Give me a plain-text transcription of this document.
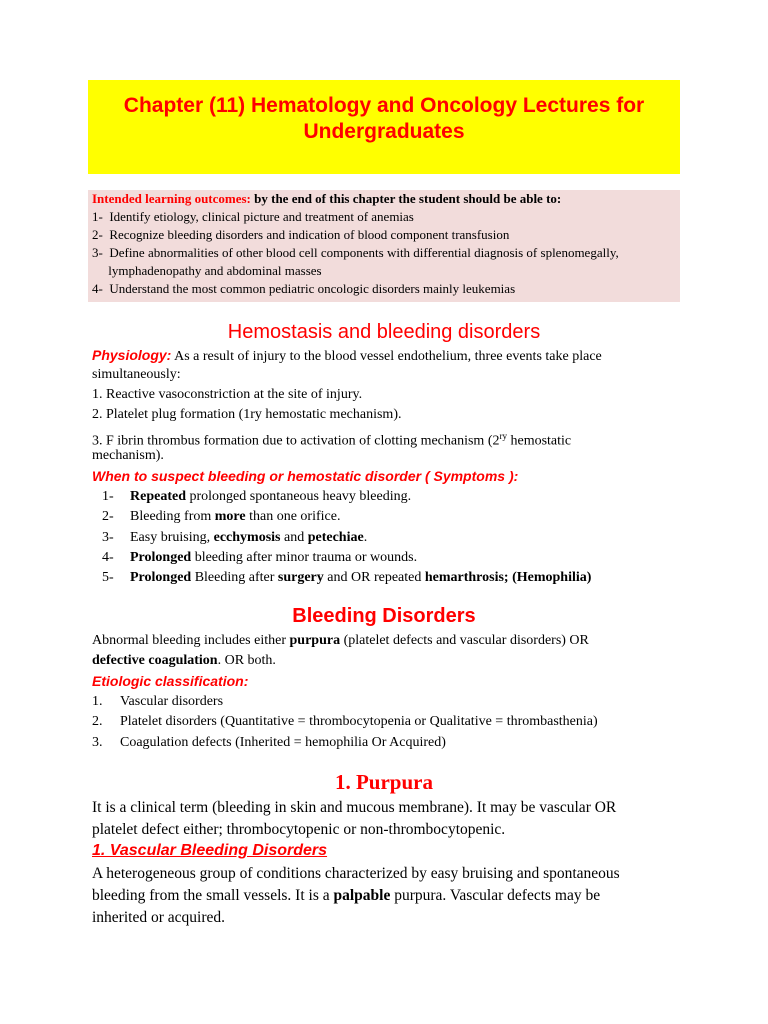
Chapter (11) Hematology and Oncology Lectures for
Undergraduates
Intended learning outcomes: by the end of this chapter the student should be able to:
1-  Identify etiology, clinical picture and treatment of anemias
2-  Recognize bleeding disorders and indication of blood component transfusion
3-  Define abnormalities of other blood cell components with differential diagnosis of splenomegally,
lymphadenopathy and abdominal masses
4-  Understand the most common pediatric oncologic disorders mainly leukemias
Hemostasis and bleeding disorders
Physiology: As a result of injury to the blood vessel endothelium, three events take place
simultaneously:
1. Reactive vasoconstriction at the site of injury.
2. Platelet plug formation (1ry hemostatic mechanism).
3. F ibrin thrombus formation due to activation of clotting mechanism ($2^{ry}$ hemostatic
mechanism).
When to suspect bleeding or hemostatic disorder ( Symptoms ):
1- Repeated prolonged spontaneous heavy bleeding.
2- Bleeding from more than one orifice.
3- Easy bruising, ecchymosis and petechiae.
4- Prolonged bleeding after minor trauma or wounds.
5- Prolonged Bleeding after surgery and OR repeated hemarthrosis; (Hemophilia)
Bleeding Disorders
Abnormal bleeding includes either purpura (platelet defects and vascular disorders) OR
defective coagulation. OR both.
Etiologic classification:
1. Vascular disorders
2. Platelet disorders (Quantitative = thrombocytopenia or Qualitative = thrombasthenia)
3. Coagulation defects (Inherited = hemophilia Or Acquired)
1. Purpura
It is a clinical term (bleeding in skin and mucous membrane). It may be vascular OR
platelet defect either; thrombocytopenic or non-thrombocytopenic.
1. Vascular Bleeding Disorders
A heterogeneous group of conditions characterized by easy bruising and spontaneous
bleeding from the small vessels. It is a palpable purpura. Vascular defects may be
inherited or acquired.
